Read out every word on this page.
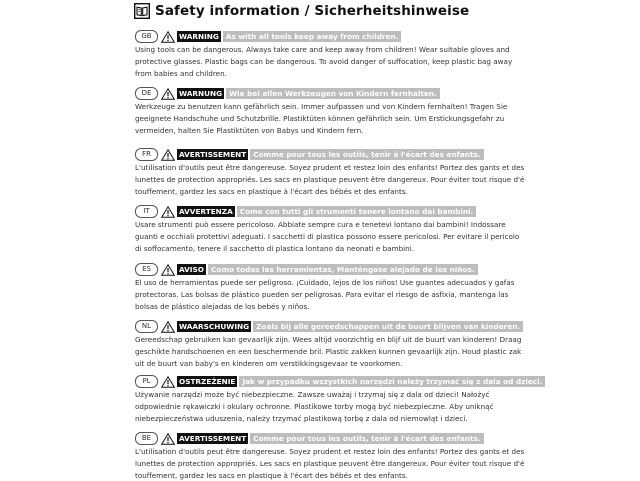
Safety information / Sicherheitshinweise
GB	WARNING As with all tools keep away from children.
Using tools can be dangerous. Always take care and keep away from children! Wear suitable gloves and
protective glasses. Plastic bags can be dangerous. To avoid danger of suffocation, keep plastic bag away
from babies and children.
DE	WARNUNG Wie bei allen Werkzeugen von Kindern fernhalten.
Werkzeuge zu benutzen kann gefährlich sein. Immer aufpassen und von Kindern fernhalten! Tragen Sie
geeignete Handschuhe und Schutzbrille. Plastiktüten können gefährlich sein. Um Erstickungsgefahr zu
vermeiden, halten Sie Plastiktüten von Babys und Kindern fern.
FR	AVERTISSEMENT Comme pour tous les outils, tenir à l'écart des enfants.
L'utilisation d'outils peut être dangereuse. Soyez prudent et restez loin des enfants! Portez des gants et des
lunettes de protection appropriés. Les sacs en plastique peuvent être dangereux. Pour éviter tout risque d'é
touffement, gardez les sacs en plastique à l'écart des bébés et des enfants.
IT	AVVERTENZA Come con tutti gli strumenti tenere lontano dai bambini.
Usare strumenti può essere pericoloso. Abbiate sempre cura e tenetevi lontano dai bambini! Indossare
guanti e occhiali protettivi adeguati. I sacchetti di plastica possono essere pericolosi. Per evitare il pericolo
di soffocamento, tenere il sacchetto di plastica lontano da neonati e bambini.
ES	AVISO Como todas las herramientas, Manténgase alejado de los niños.
El uso de herramientas puede ser peligroso. ¡Cuidado, lejos de los niños! Use guantes adecuados y gafas
protectoras. Las bolsas de plástico pueden ser peligrosas. Para evitar el riesgo de asfixia, mantenga las
bolsas de plástico alejadas de los bebés y niños.
NL	WAARSCHUWING Zoals bij alle gereedschappen uit de buurt blijven van kinderen.
Gereedschap gebruiken kan gevaarlijk zijn. Wees altijd voorzichtig en blijf uit de buurt van kinderen! Draag
geschikte handschoenen en een beschermende bril. Plastic zakken kunnen gevaarlijk zijn. Houd plastic zak
uit de buurt van baby's en kinderen om verstikkingsgevaar te voorkomen.
PL	OSTRZEŻENIE Jak w przypadku wszystkich narzędzi należy trzymać się z dala od dzieci.
Używanie narzędzi może być niebezpieczne. Zawsze uważaj i trzymaj się z dala od dzieci! Nałożyć
odpowiednie rękawiczki i okulary ochronne. Plastikowe torby mogą być niebezpieczne. Aby uniknąć
niebezpieczeństwa uduszenia, należy trzymać plastikową torbę z dala od niemowląt i dzieci.
BE	AVERTISSEMENT Comme pour tous les outils, tenir à l'écart des enfants.
L'utilisation d'outils peut être dangereuse. Soyez prudent et restez loin des enfants! Portez des gants et des
lunettes de protection appropriés. Les sacs en plastique peuvent être dangereux. Pour éviter tout risque d'é
touffement, gardez les sacs en plastique à l'écart des bébés et des enfants.
